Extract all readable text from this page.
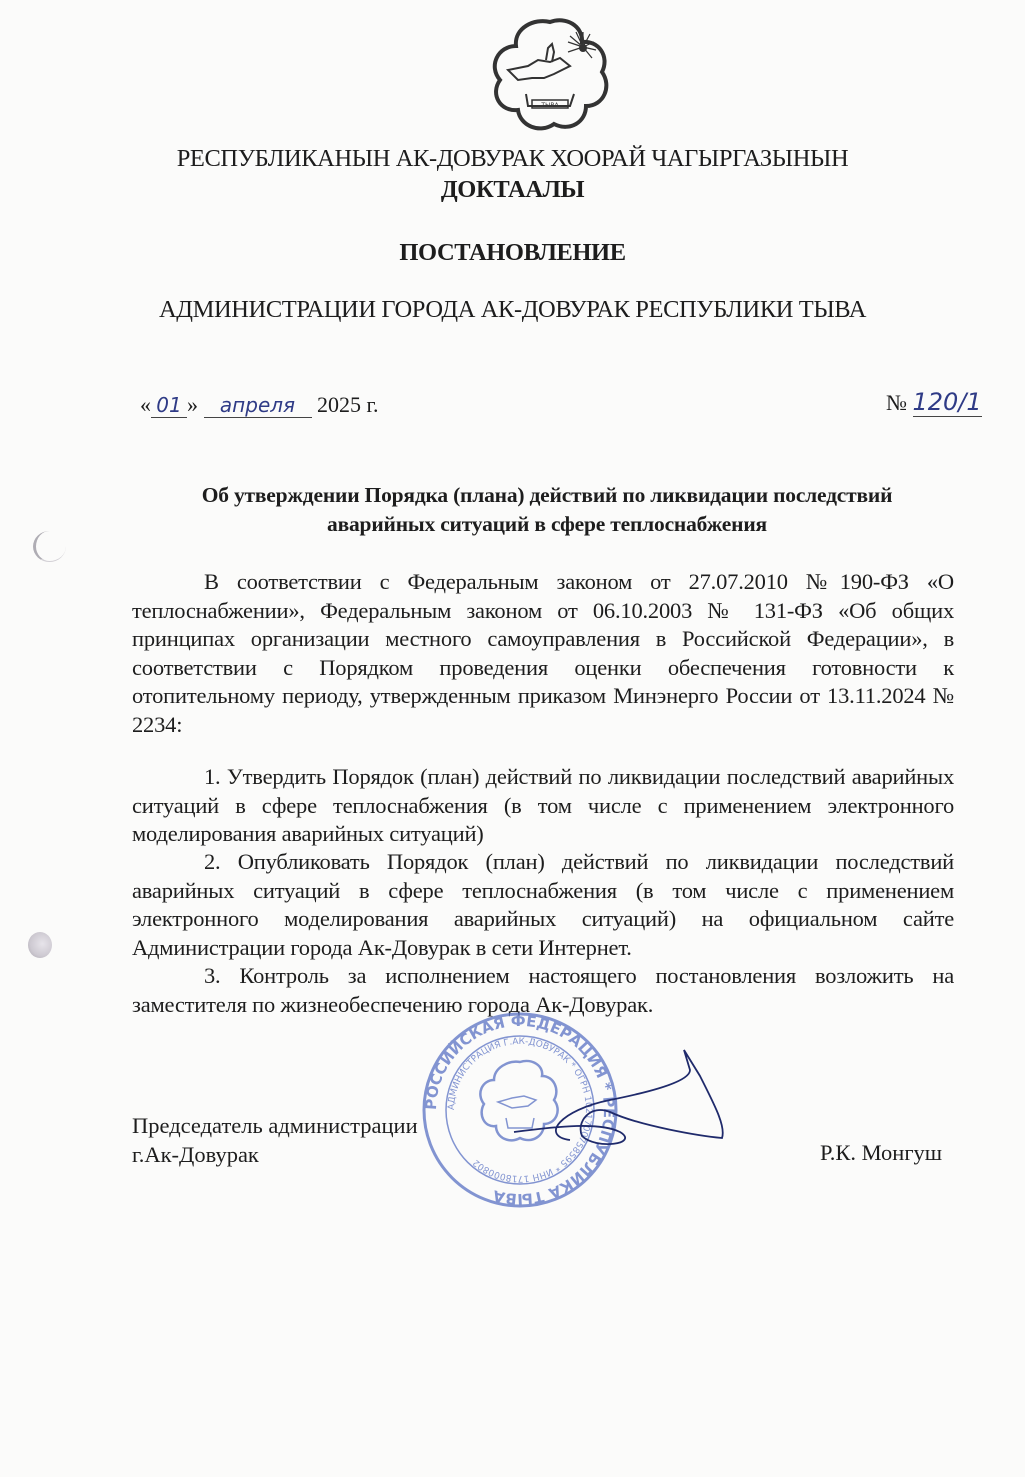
ТЫВА
РЕСПУБЛИКАНЫН АК-ДОВУРАК ХООРАЙ ЧАГЫРГАЗЫНЫН
ДОКТААЛЫ
ПОСТАНОВЛЕНИЕ
АДМИНИСТРАЦИИ ГОРОДА АК-ДОВУРАК РЕСПУБЛИКИ ТЫВА
« 01 » апреля 2025 г.	№ 120/1
Об утверждении Порядка (плана) действий по ликвидации последствий
аварийных ситуаций в сфере теплоснабжения
В соответствии с Федеральным законом от 27.07.2010 №190-ФЗ «О теплоснабжении», Федеральным законом от 06.10.2003 № 131-ФЗ «Об общих принципах организации местного самоуправления в Российской Федерации», в соответствии с Порядком проведения оценки обеспечения готовности к отопительному периоду, утвержденным приказом Минэнерго России от 13.11.2024 № 2234:
1. Утвердить Порядок (план) действий по ликвидации последствий аварийных ситуаций в сфере теплоснабжения (в том числе с применением электронного моделирования аварийных ситуаций)
2. Опубликовать Порядок (план) действий по ликвидации последствий аварийных ситуаций в сфере теплоснабжения (в том числе с применением электронного моделирования аварийных ситуаций) на официальном сайте Администрации города Ак-Довурак в сети Интернет.
3. Контроль за исполнением настоящего постановления возложить на заместителя по жизнеобеспечению города Ак-Довурак.
РОССИЙСКАЯ ФЕДЕРАЦИЯ * РЕСПУБЛИКА ТЫВА
АДМИНИСТРАЦИЯ Г.АК-ДОВУРАК * ОГРН 1021700758595 * ИНН 1718000802
Председатель администрации
г.Ак-Довурак	Р.К. Монгуш
